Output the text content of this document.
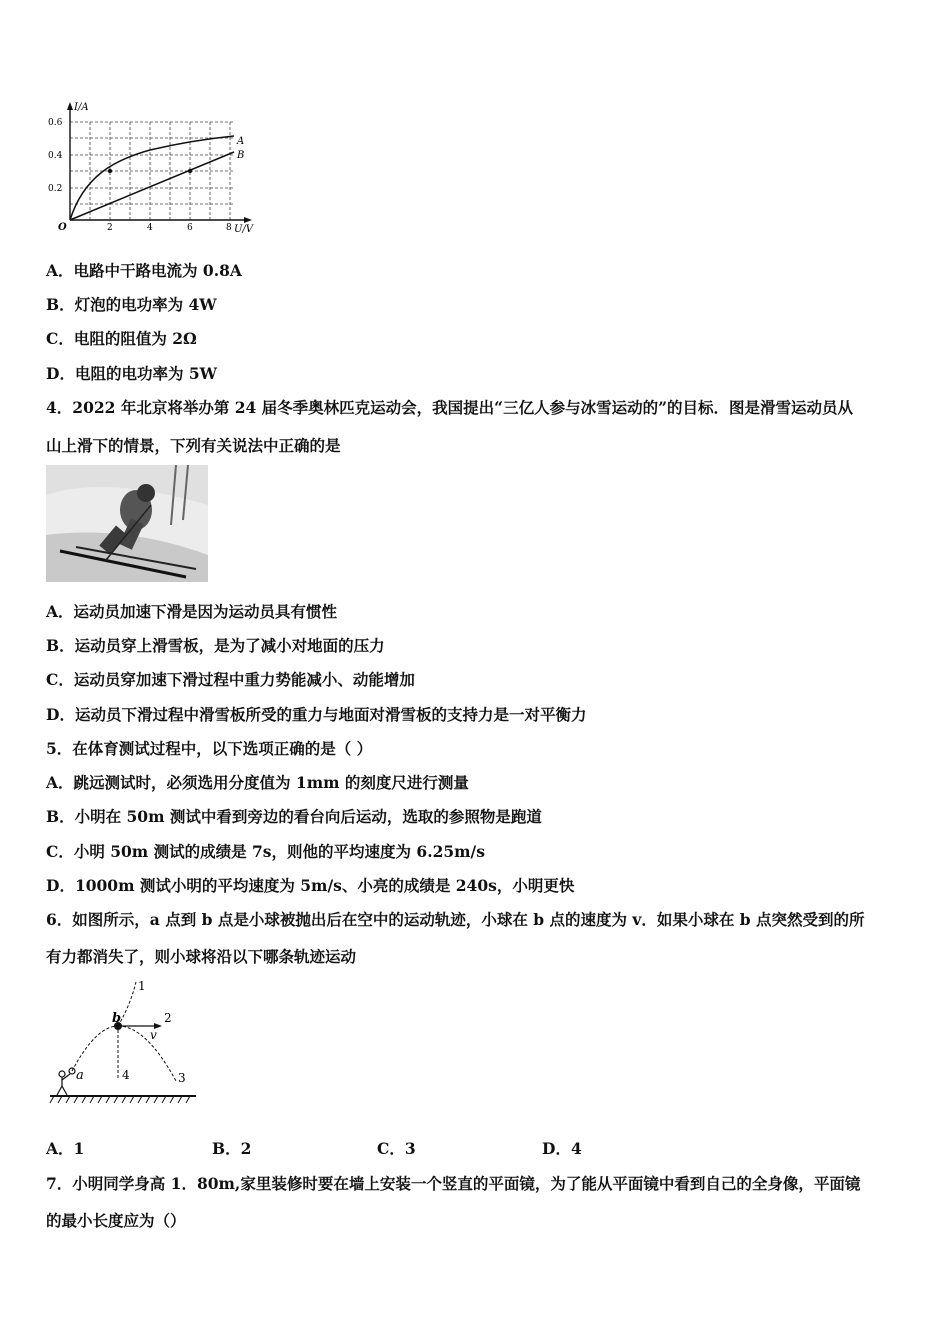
I/A
U/V
O
0.2
0.4
0.6
2	4	6	8
A
B
A．电路中干路电流为 0.8A
B．灯泡的电功率为 4W
C．电阻的阻值为 2Ω
D．电阻的电功率为 5W
4．2022 年北京将举办第 24 届冬季奥林匹克运动会，我国提出“三亿人参与冰雪运动的”的目标．图是滑雪运动员从
山上滑下的情景，下列有关说法中正确的是
A．运动员加速下滑是因为运动员具有惯性
B．运动员穿上滑雪板，是为了减小对地面的压力
C．运动员穿加速下滑过程中重力势能减小、动能增加
D．运动员下滑过程中滑雪板所受的重力与地面对滑雪板的支持力是一对平衡力
5．在体育测试过程中，以下选项正确的是（ ）
A．跳远测试时，必须选用分度值为 1mm 的刻度尺进行测量
B．小明在 50m 测试中看到旁边的看台向后运动，选取的参照物是跑道
C．小明 50m 测试的成绩是 7s，则他的平均速度为 6.25m/s
D．1000m 测试小明的平均速度为 5m/s、小亮的成绩是 240s，小明更快
6．如图所示，a 点到 b 点是小球被抛出后在空中的运动轨迹，小球在 b 点的速度为 v．如果小球在 b 点突然受到的所
有力都消失了，则小球将沿以下哪条轨迹运动
a
b
v
1
2
3
4
A．1	B．2	C．3	D．4
7．小明同学身高 1．80m,家里装修时要在墙上安装一个竖直的平面镜，为了能从平面镜中看到自己的全身像，平面镜
的最小长度应为（）
